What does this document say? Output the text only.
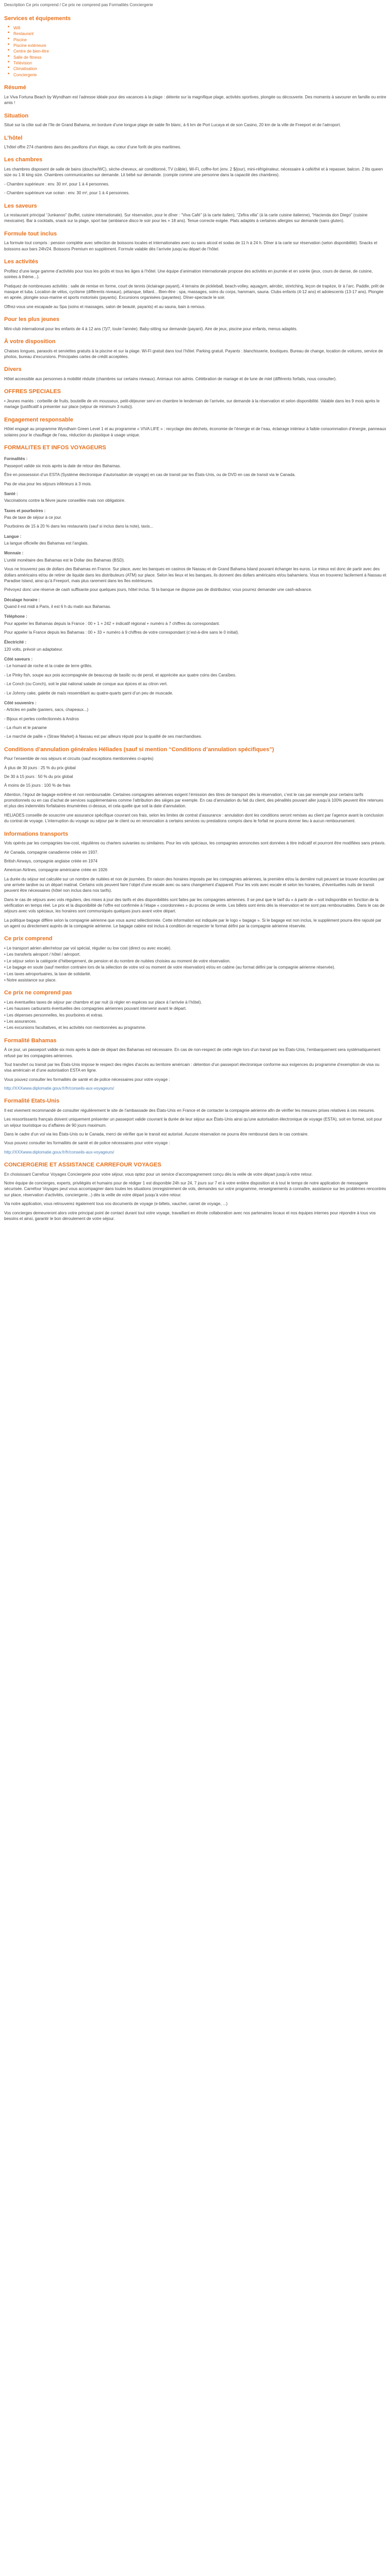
Description Ce prix comprend / Ce prix ne comprend pas Formalités Conciergerie
Services et équipements
■ Wifi
■ Restaurant
■ Piscine
■ Piscine extérieure
■ Centre de bien-être
■ Salle de fitness
■ Télévision
■ Climatisation
■ Conciergerie
Résumé
Le Viva Fortuna Beach by Wyndham est l’adresse idéale pour des vacances à la plage : détente sur la magnifique plage, activités sportives, plongée ou découverte. Des moments à savourer en famille ou entre amis !
Situation
Situé sur la côte sud de l’île de Grand Bahama, en bordure d’une longue plage de sable fin blanc, à 6 km de Port Lucaya et de son Casino, 20 km de la ville de Freeport et de l’aéroport.
L’hôtel
L’hôtel offre 274 chambres dans des pavillons d’un étage, au cœur d’une forêt de pins maritimes.
Les chambres
Les chambres disposent de salle de bains (douche/WC), sèche-cheveux, air conditionné, TV (câble), Wi-Fi, coffre-fort (env. 2 $/jour), mini-réfrigérateur, nécessaire à café/thé et à repasser, balcon. 2 lits queen size ou 1 lit king size. Chambres communicantes sur demande. Lit bébé sur demande. (compte comme une personne dans la capacité des chambres).
- Chambre supérieure : env. 30 m², pour 1 à 4 personnes.
- Chambre supérieure vue océan : env. 30 m², pour 1 à 4 personnes.
Les saveurs
Le restaurant principal “Junkanoo” (buffet, cuisine internationale). Sur réservation, pour le dîner : “Viva Café” (à la carte italien), “Zefira villa” (à la carte cuisine italienne), “Hacienda don Diego” (cuisine mexicaine). Bar à cocktails, snack sur la plage, sport bar (ambiance disco le soir pour les + 18 ans). Tenue correcte exigée. Plats adaptés à certaines allergies sur demande (sans gluten).
Formule tout inclus
La formule tout compris : pension complète avec sélection de boissons locales et internationales avec ou sans alcool et sodas de 11 h à 24 h. Dîner à la carte sur réservation (selon disponibilité). Snacks et boissons aux bars 24h/24. Boissons Premium en supplément. Formule valable dès l’arrivée jusqu’au départ de l’hôtel.
Les activités
Profitez d’une large gamme d’activités pour tous les goûts et tous les âges à l’hôtel. Une équipe d’animation internationale propose des activités en journée et en soirée (jeux, cours de danse, de cuisine, soirées à thème...).
Pratiquez de nombreuses activités : salle de remise en forme, court de tennis (éclairage payant), 4 terrains de pickleball, beach-volley, aquagym, aérobic, stretching, leçon de trapèze, tir à l’arc. Paddle, prêt de masque et tuba. Location de vélos, cyclisme (différents niveaux), pétanque, billard... Bien-être : spa, massages, soins du corps, hammam, sauna. Clubs enfants (4-12 ans) et adolescents (13-17 ans). Plongée en apnée, plongée sous-marine et sports motorisés (payants). Excursions organisées (payantes). Dîner-spectacle le soir.
Offrez-vous une escapade au Spa (soins et massages, salon de beauté, payants) et au sauna, bain à remous.
Pour les plus jeunes
Mini-club international pour les enfants de 4 à 12 ans (7j/7, toute l’année). Baby-sitting sur demande (payant). Aire de jeux, piscine pour enfants, menus adaptés.
À votre disposition
Chaises longues, parasols et serviettes gratuits à la piscine et sur la plage. Wi-Fi gratuit dans tout l’hôtel. Parking gratuit. Payants : blanchisserie, boutiques. Bureau de change, location de voitures, service de photos, bureau d’excursions. Principales cartes de crédit acceptées.
Divers
Hôtel accessible aux personnes à mobilité réduite (chambres sur certains niveaux). Animaux non admis. Célébration de mariage et de lune de miel (différents forfaits, nous consulter).
OFFRES SPECIALES
• Jeunes mariés : corbeille de fruits, bouteille de vin mousseux, petit-déjeuner servi en chambre le lendemain de l’arrivée, sur demande à la réservation et selon disponibilité. Valable dans les 9 mois après le mariage (justificatif à présenter sur place (séjour de minimum 3 nuits)).
Engagement responsable
Hôtel engagé au programme Wyndham Green Level 1 et au programme « VIVA LIFE » : recyclage des déchets, économie de l’énergie et de l’eau, éclairage intérieur à faible consommation d’énergie, panneaux solaires pour le chauffage de l’eau, réduction du plastique à usage unique.
FORMALITES ET INFOS VOYAGEURS
Formalités :
Passeport valide six mois après la date de retour des Bahamas.
Être en possession d’un ESTA (Système électronique d’autorisation de voyage) en cas de transit par les États-Unis, ou de DVD en cas de transit via le Canada.
Pas de visa pour les séjours inférieurs à 3 mois.
Santé :
Vaccinations contre la fièvre jaune conseillée mais non obligatoire.
Taxes et pourboires :
Pas de taxe de séjour à ce jour.
Pourboires de 15 à 20 % dans les restaurants (sauf si inclus dans la note), taxis...
Langue :
La langue officielle des Bahamas est l’anglais.
Monnaie :
L’unité monétaire des Bahamas est le Dollar des Bahamas (BSD).
Vous ne trouverez pas de dollars des Bahamas en France. Sur place, avec les banques en casinos de Nassau et de Grand Bahama Island pouvant échanger les euros. Le mieux est donc de partir avec des dollars américains et/ou de retirer de liquide dans les distributeurs (ATM) sur place. Selon les lieux et les banques, ils donnent des dollars américains et/ou bahamiens. Vous en trouverez facilement à Nassau et Paradise Island, ainsi qu’à Freeport, mais plus rarement dans les îles extérieures.
Prévoyez donc une réserve de cash suffisante pour quelques jours, hôtel inclus. Si la banque ne dispose pas de distributeur, vous pourrez demander une cash-advance.
Décalage horaire :
Quand il est midi à Paris, il est 6 h du matin aux Bahamas.
Téléphone :
Pour appeler les Bahamas depuis la France : 00 + 1 + 242 + indicatif régional + numéro à 7 chiffres du correspondant.
Pour appeler la France depuis les Bahamas : 00 + 33 + numéro à 9 chiffres de votre correspondant (c’est-à-dire sans le 0 initial).
Électricité :
120 volts, prévoir un adaptateur.
Côté saveurs :
- Le homard de roche et la crabe de terre grillés.
- Le Pinky fish, soupe aux pois accompagnée de beaucoup de basilic ou de persil, et appréciée aux quatre coins des Caraïbes.
- Le Conch (ou Conch), soit le plat national salade de conque aux épices et au citron vert.
- Le Johnny cake, galette de maïs ressemblant au quatre-quarts garni d’un peu de muscade.
Côté souvenirs :
- Articles en paille (paniers, sacs, chapeaux...)
- Bijoux et perles confectionnés à Andros
- La rhum et le paname
- Le marché de paille « (Straw Market) à Nassau est par ailleurs réputé pour la qualité de ses marchandises.
Conditions d’annulation générales Héliades (sauf si mention “Conditions d’annulation spécifiques”)
Pour l’ensemble de nos séjours et circuits (sauf exceptions mentionnées ci-après)
À plus de 30 jours : 25 % du prix global
De 30 à 15 jours : 50 % du prix global
À moins de 15 jours : 100 % de frais
Attention, l’égout de bagage extrême et non remboursable. Certaines compagnies aériennes exigent l’émission des titres de transport dès la réservation, c’est le cas par exemple pour certains tarifs promotionnels ou en cas d’achat de services supplémentaires comme l’attribution des sièges par exemple. En cas d’annulation du fait du client, des pénalités pouvant aller jusqu’à 100% peuvent être retenues et plus des indemnités forfaitaires énumérées ci-dessus, et cela quelle que soit la date d’annulation.
HELIADES conseille de souscrire une assurance spécifique couvrant ces frais, selon les limites de contrat d’assurance : annulation dont les conditions seront remises au client par l’agence avant la conclusion du contrat de voyage. L’interruption du voyage ou séjour par le client ou en renonciation à certains services ou prestations compris dans le forfait ne pourra donner lieu à aucun remboursement.
Informations transports
Vols opérés par les compagnies low-cost, régulières ou charters suivantes ou similaires. Pour les vols spéciaux, les compagnies annoncées sont données à titre indicatif et pourront être modifiées sans préavis.
Air Canada, compagnie canadienne créée en 1937.
British Airways, compagnie anglaise créée en 1974
American Airlines, compagnie américaine créée en 1926
La durée du séjour est calculée sur un nombre de nuitées et non de journées. En raison des horaires imposés par les compagnies aériennes, la première et/ou la dernière nuit peuvent se trouver écourtées par une arrivée tardive ou un départ matinal. Certains vols peuvent faire l’objet d’une escale avec ou sans changement d’appareil. Pour les vols avec escale et selon les horaires, d’éventuelles nuits de transit peuvent être nécessaires (hôtel non inclus dans nos tarifs).
Dans le cas de séjours avec vols réguliers, des mises à jour des tarifs et des disponibilités sont faites par les compagnies aériennes. Il se peut que le tarif du « à partir de » soit indisponible en fonction de la vérification en temps réel. Le prix et la disponibilité de l’offre est confirmée à l’étape « coordonnées » du process de vente. Les billets sont émis dès la réservation et ne sont pas remboursables. Dans le cas de séjours avec vols spéciaux, les horaires sont communiqués quelques jours avant votre départ.
La politique bagage diffère selon la compagnie aérienne que vous aurez sélectionnée. Cette information est indiquée par le logo « bagage ». Si le bagage est non inclus, le supplément pourra être rajouté par un agent ou directement auprès de la compagnie aérienne. Le bagage cabine est inclus à condition de respecter le format défini par la compagnie aérienne réservée.
Ce prix comprend
• Le transport aérien aller/retour par vol spécial, régulier ou low cost (direct ou avec escale).
• Les transferts aéroport / hôtel / aéroport.
• Le séjour selon la catégorie d’hébergement, de pension et du nombre de nuitées choisies au moment de votre réservation.
• Le bagage en soute (sauf mention contraire lors de la sélection de votre vol ou moment de votre réservation) et/ou en cabine (au format défini par la compagnie aérienne réservée).
• Les taxes aéroportuaires, la taxe de solidarité.
• Notre assistance sur place.
Ce prix ne comprend pas
• Les éventuelles taxes de séjour par chambre et par nuit (à régler en espèces sur place à l’arrivée à l’hôtel).
• Les hausses carburants éventuelles des compagnies aériennes pouvant intervenir avant le départ.
• Les dépenses personnelles, les pourboires et extras.
• Les assurances.
• Les excursions facultatives, et les activités non mentionnées au programme.
Formalité Bahamas
À ce jour, un passeport valide six mois après la date de départ des Bahamas est nécessaire. En cas de non-respect de cette règle lors d’un transit par les États-Unis, l’embarquement sera systématiquement refusé par les compagnies aériennes.
Tout transfert ou transit par les États-Unis impose le respect des règles d’accès au territoire américain : détention d’un passeport électronique conforme aux exigences du programme d’exemption de visa ou visa américain et d’une autorisation ESTA en ligne.
Vous pouvez consulter les formalités de santé et de police nécessaires pour votre voyage :
http://XXXwww.diplomatie.gouv.fr/fr/conseils-aux-voyageurs/
Formalité Etats-Unis
Il est vivement recommandé de consulter régulièrement le site de l’ambassade des États-Unis en France et de contacter la compagnie aérienne afin de vérifier les mesures prises relatives à ces mesures.
Les ressortissants français doivent uniquement présenter un passeport valide couvrant la durée de leur séjour aux États-Unis ainsi qu’une autorisation électronique de voyage (ESTA), soit en format, soit pour un séjour touristique ou d’affaires de 90 jours maximum.
Dans le cadre d’un vol via les États-Unis ou le Canada, merci de vérifier que le transit est autorisé. Aucune réservation ne pourra être remboursé dans le cas contraire.
Vous pouvez consulter les formalités de santé et de police nécessaires pour votre voyage :
http://XXXwww.diplomatie.gouv.fr/fr/conseils-aux-voyageurs/
CONCIERGERIE ET ASSISTANCE CARREFOUR VOYAGES
En choisissant Carrefour Voyages Conciergerie pour votre séjour, vous optez pour un service d’accompagnement conçu dès la veille de votre départ jusqu’à votre retour.
Notre équipe de concierges, experts, privilégiés et humains pour de rédiger 1 est disponible 24h sur 24, 7 jours sur 7 et à votre entière disposition et à tout le temps de notre application de messagerie sécurisée. Carrefour Voyages peut vous accompagner dans toutes les situations (enregistrement de vols, demandes sur votre programme, renseignements à connaître, assistance sur les problèmes rencontrés sur place, réservation d’activités, conciergerie...) dès la veille de votre départ jusqu’à votre retour.
Via notre application, vous retrouverez également tous vos documents de voyage (e-billets, vaucher, carnet de voyage, ...)
Vos concierges demeureront alors votre principal point de contact durant tout votre voyage, travaillant en étroite collaboration avec nos partenaires locaux et nos équipes internes pour répondre à tous vos besoins et ainsi, garantir le bon déroulement de votre séjour.
